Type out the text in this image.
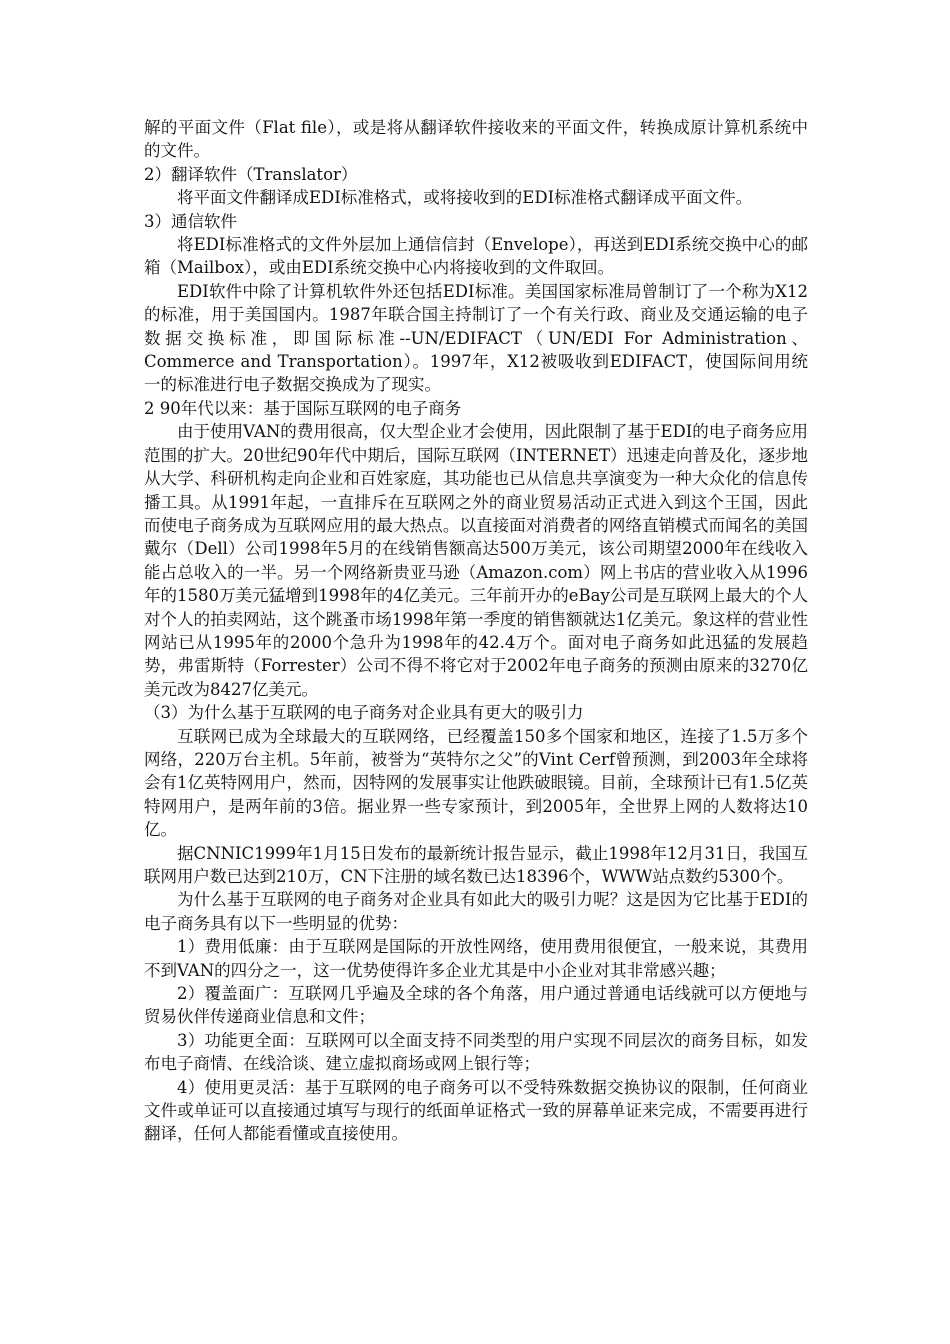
解的平面文件（Flat file），或是将从翻译软件接收来的平面文件，转换成原计算机系统中的文件。

2）翻译软件（Translator）

将平面文件翻译成EDI标准格式，或将接收到的EDI标准格式翻译成平面文件。

3）通信软件

将EDI标准格式的文件外层加上通信信封（Envelope），再送到EDI系统交换中心的邮箱（Mailbox），或由EDI系统交换中心内将接收到的文件取回。

EDI软件中除了计算机软件外还包括EDI标准。美国国家标准局曾制订了一个称为X12的标准，用于美国国内。1987年联合国主持制订了一个有关行政、商业及交通运输的电子数据交换标准，即国际标准--UN/EDIFACT（UN/EDI For Administration、Commerce and Transportation）。1997年，X12被吸收到EDIFACT，使国际间用统一的标准进行电子数据交换成为了现实。

2 90年代以来：基于国际互联网的电子商务

由于使用VAN的费用很高，仅大型企业才会使用，因此限制了基于EDI的电子商务应用范围的扩大。20世纪90年代中期后，国际互联网（INTERNET）迅速走向普及化，逐步地从大学、科研机构走向企业和百姓家庭，其功能也已从信息共享演变为一种大众化的信息传播工具。从1991年起，一直排斥在互联网之外的商业贸易活动正式进入到这个王国，因此而使电子商务成为互联网应用的最大热点。以直接面对消费者的网络直销模式而闻名的美国戴尔（Dell）公司1998年5月的在线销售额高达500万美元，该公司期望2000年在线收入能占总收入的一半。另一个网络新贵亚马逊（Amazon.com）网上书店的营业收入从1996年的1580万美元猛增到1998年的4亿美元。三年前开办的eBay公司是互联网上最大的个人对个人的拍卖网站，这个跳蚤市场1998年第一季度的销售额就达1亿美元。象这样的营业性网站已从1995年的2000个急升为1998年的42.4万个。面对电子商务如此迅猛的发展趋势，弗雷斯特（Forrester）公司不得不将它对于2002年电子商务的预测由原来的3270亿美元改为8427亿美元。

（3）为什么基于互联网的电子商务对企业具有更大的吸引力

互联网已成为全球最大的互联网络，已经覆盖150多个国家和地区，连接了1.5万多个网络，220万台主机。5年前，被誉为“英特尔之父”的Vint Cerf曾预测，到2003年全球将会有1亿英特网用户，然而，因特网的发展事实让他跌破眼镜。目前，全球预计已有1.5亿英特网用户，是两年前的3倍。据业界一些专家预计，到2005年，全世界上网的人数将达10亿。

据CNNIC1999年1月15日发布的最新统计报告显示，截止1998年12月31日，我国互联网用户数已达到210万，CN下注册的域名数已达18396个，WWW站点数约5300个。

为什么基于互联网的电子商务对企业具有如此大的吸引力呢？这是因为它比基于EDI的电子商务具有以下一些明显的优势：

1）费用低廉：由于互联网是国际的开放性网络，使用费用很便宜，一般来说，其费用不到VAN的四分之一，这一优势使得许多企业尤其是中小企业对其非常感兴趣；

2）覆盖面广：互联网几乎遍及全球的各个角落，用户通过普通电话线就可以方便地与贸易伙伴传递商业信息和文件；

3）功能更全面：互联网可以全面支持不同类型的用户实现不同层次的商务目标，如发布电子商情、在线洽谈、建立虚拟商场或网上银行等；

4）使用更灵活：基于互联网的电子商务可以不受特殊数据交换协议的限制，任何商业文件或单证可以直接通过填写与现行的纸面单证格式一致的屏幕单证来完成，不需要再进行翻译，任何人都能看懂或直接使用。
